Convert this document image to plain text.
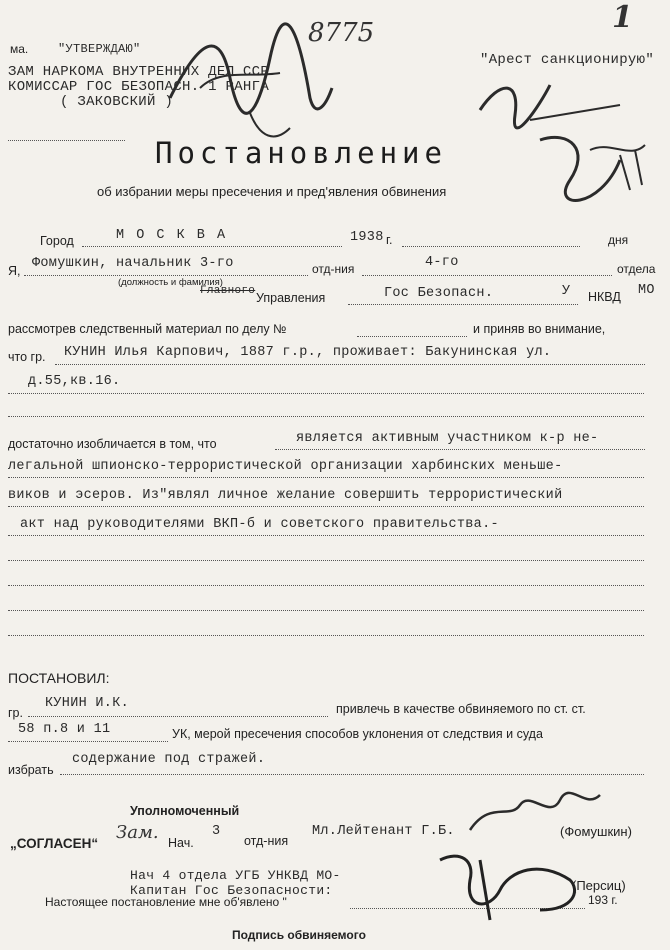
1
8775
ма. "УТВЕРЖДАЮ"
ЗАМ НАРКОМА ВНУТРЕННИХ ДЕЛ ССР
КОМИССАР ГОС БЕЗОПАСН. 1 РАНГА
( ЗАКОВСКИЙ )
"Арест санкционирую"
Постановление
об избрании меры пресечения и пред'явления обвинения
Город	М О С К В А	1938 г.	дня
Я, Фомушкин, начальник 3-го
(должность и фамилия)
отд-ния	4-го	отдела
Главного Управления	Гос Безопасн.	У НКВД МО
рассмотрев следственный материал по делу №	и приняв во внимание,
что гр. КУНИН Илья Карпович, 1887 г.р., проживает: Бакунинская ул.
д.55,кв.16.
достаточно изобличается в том, что	является активным участником к-р не-
легальной шпионско-террористической организации харбинских меньше-
виков и эсеров. Из"являл личное желание совершить террористический
акт над руководителями ВКП-б и советского правительства.-
ПОСТАНОВИЛ:
гр.
КУНИН И.К.	привлечь в качестве обвиняемого по ст. ст.
58 п.8 и 11	УК, мерой пресечения способов уклонения от следствия и суда
избрать
содержание под стражей.
Уполномоченный
„СОГЛАСЕН“
Зам. Нач.
3
отд-ния
Мл.Лейтенант Г.Б.	(Фомушкин)
Нач 4 отдела УГБ УНКВД МО-
Капитан Гос Безопасности:	(Персиц)
Настоящее постановление мне об'явлено "	193 г.
Подпись обвиняемого
